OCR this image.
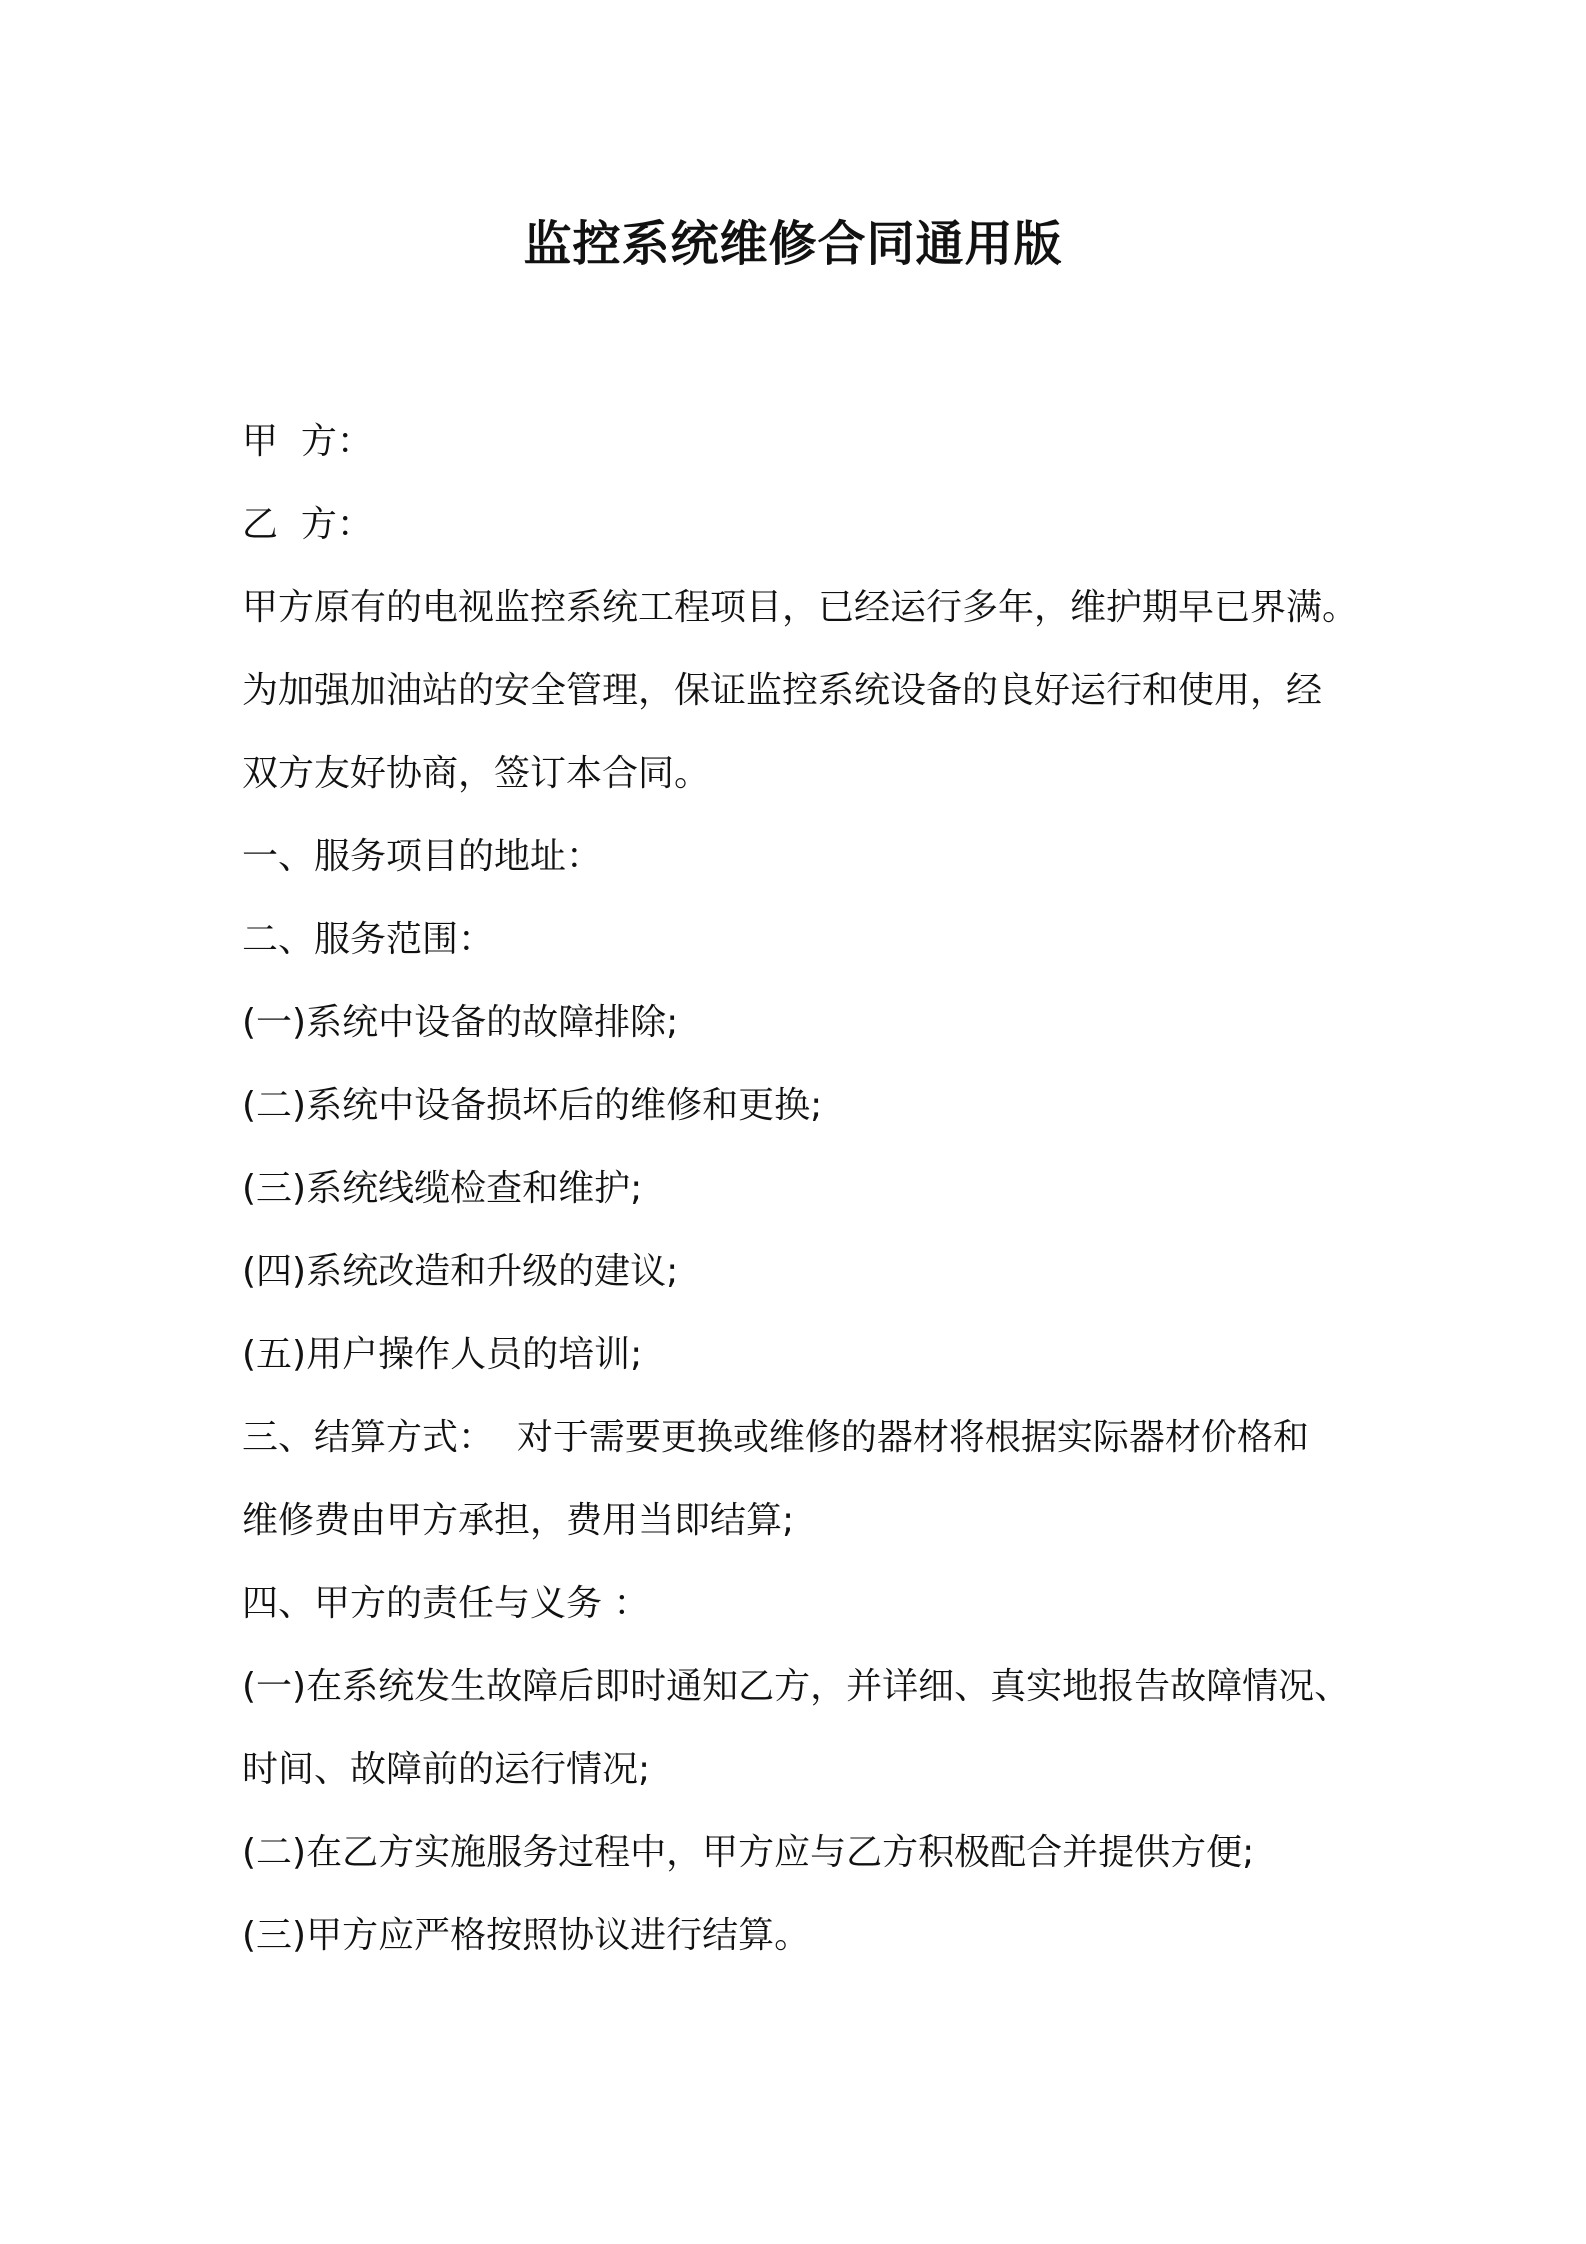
监控系统维修合同通用版

甲  方：

乙  方：

甲方原有的电视监控系统工程项目，已经运行多年，维护期早已界满。

为加强加油站的安全管理，保证监控系统设备的良好运行和使用，经

双方友好协商，签订本合同。

一、服务项目的地址：

二、服务范围：

(一)系统中设备的故障排除;

(二)系统中设备损坏后的维修和更换;

(三)系统线缆检查和维护;

(四)系统改造和升级的建议;

(五)用户操作人员的培训;

三、结算方式：  对于需要更换或维修的器材将根据实际器材价格和

维修费由甲方承担，费用当即结算;

四、甲方的责任与义务 ：

(一)在系统发生故障后即时通知乙方，并详细、真实地报告故障情况、

时间、故障前的运行情况;

(二)在乙方实施服务过程中，甲方应与乙方积极配合并提供方便;

(三)甲方应严格按照协议进行结算。
